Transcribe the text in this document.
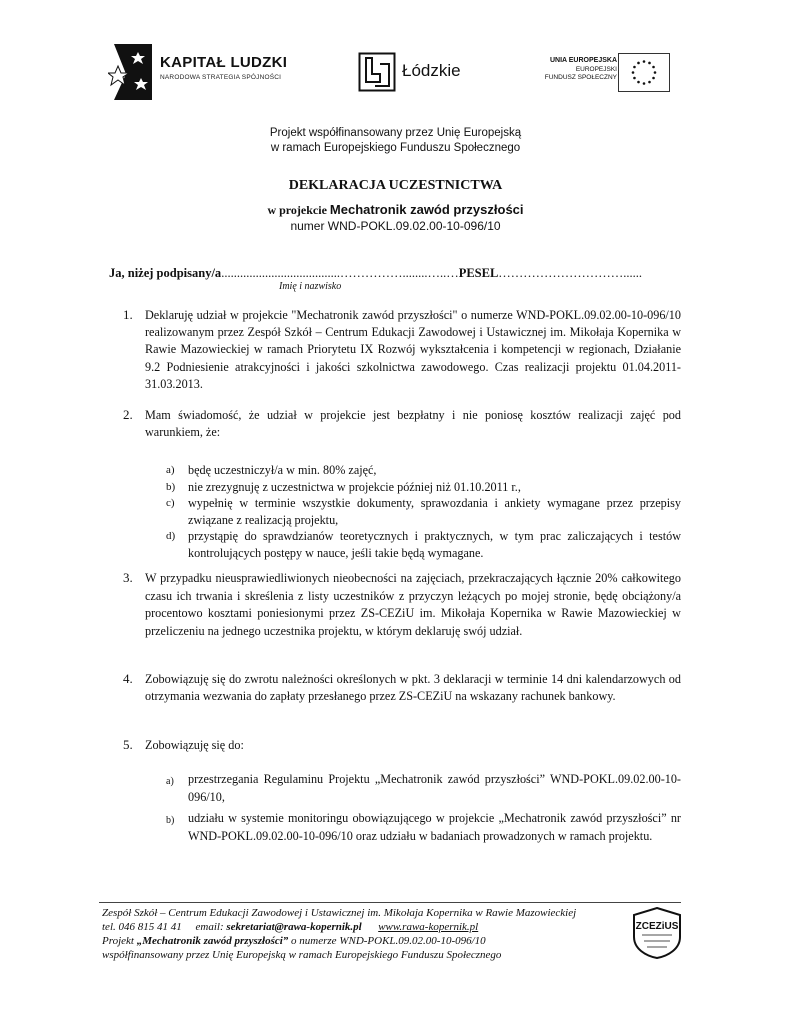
KAPITAŁ LUDZKI
NARODOWA STRATEGIA SPÓJNOŚCI	Łódzkie
UNIA EUROPEJSKA
EUROPEJSKI
FUNDUSZ SPOŁECZNY
Projekt współfinansowany przez Unię Europejską
w ramach Europejskiego Funduszu Społecznego
DEKLARACJA UCZESTNICTWA
w projekcie Mechatronik zawód przyszłości
numer WND-POKL.09.02.00-10-096/10
Ja, niżej podpisany/a......................................……………........…..…PESEL…………………………......
Imię i nazwisko
1. Deklaruję udział w projekcie "Mechatronik zawód przyszłości" o numerze WND-POKL.09.02.00-10-096/10 realizowanym przez Zespół Szkół – Centrum Edukacji Zawodowej i Ustawicznej im. Mikołaja Kopernika w Rawie Mazowieckiej w ramach Priorytetu IX Rozwój wykształcenia i kompetencji w regionach, Działanie 9.2 Podniesienie atrakcyjności i jakości szkolnictwa zawodowego. Czas realizacji projektu 01.04.2011-31.03.2013.
2. Mam świadomość, że udział w projekcie jest bezpłatny i nie poniosę kosztów realizacji zajęć pod warunkiem, że:
a) będę uczestniczył/a w min. 80% zajęć,
b) nie zrezygnuję z uczestnictwa w projekcie później niż 01.10.2011 r.,
c) wypełnię w terminie wszystkie dokumenty, sprawozdania i ankiety wymagane przez przepisy związane z realizacją projektu,
d) przystąpię do sprawdzianów teoretycznych i praktycznych, w tym prac zaliczających i testów kontrolujących postępy w nauce, jeśli takie będą wymagane.
3. W przypadku nieusprawiedliwionych nieobecności na zajęciach, przekraczających łącznie 20% całkowitego czasu ich trwania i skreślenia z listy uczestników z przyczyn leżących po mojej stronie, będę obciążony/a procentowo kosztami poniesionymi przez ZS-CEZiU im. Mikołaja Kopernika w Rawie Mazowieckiej w przeliczeniu na jednego uczestnika projektu, w którym deklaruję swój udział.
4. Zobowiązuję się do zwrotu należności określonych w pkt. 3 deklaracji w terminie 14 dni kalendarzowych od otrzymania wezwania do zapłaty przesłanego przez ZS-CEZiU na wskazany rachunek bankowy.
5. Zobowiązuję się do:
a) przestrzegania Regulaminu Projektu „Mechatronik zawód przyszłości” WND-POKL.09.02.00-10-096/10,
b) udziału w systemie monitoringu obowiązującego w projekcie „Mechatronik zawód przyszłości” nr WND-POKL.09.02.00-10-096/10 oraz udziału w badaniach prowadzonych w ramach projektu.
Zespół Szkół – Centrum Edukacji Zawodowej i Ustawicznej im. Mikołaja Kopernika w Rawie Mazowieckiej
tel. 046 815 41 41 email: sekretariat@rawa-kopernik.pl www.rawa-kopernik.pl
Projekt „Mechatronik zawód przyszłości” o numerze WND-POKL.09.02.00-10-096/10
współfinansowany przez Unię Europejską w ramach Europejskiego Funduszu Społecznego
ZCEZiUS
